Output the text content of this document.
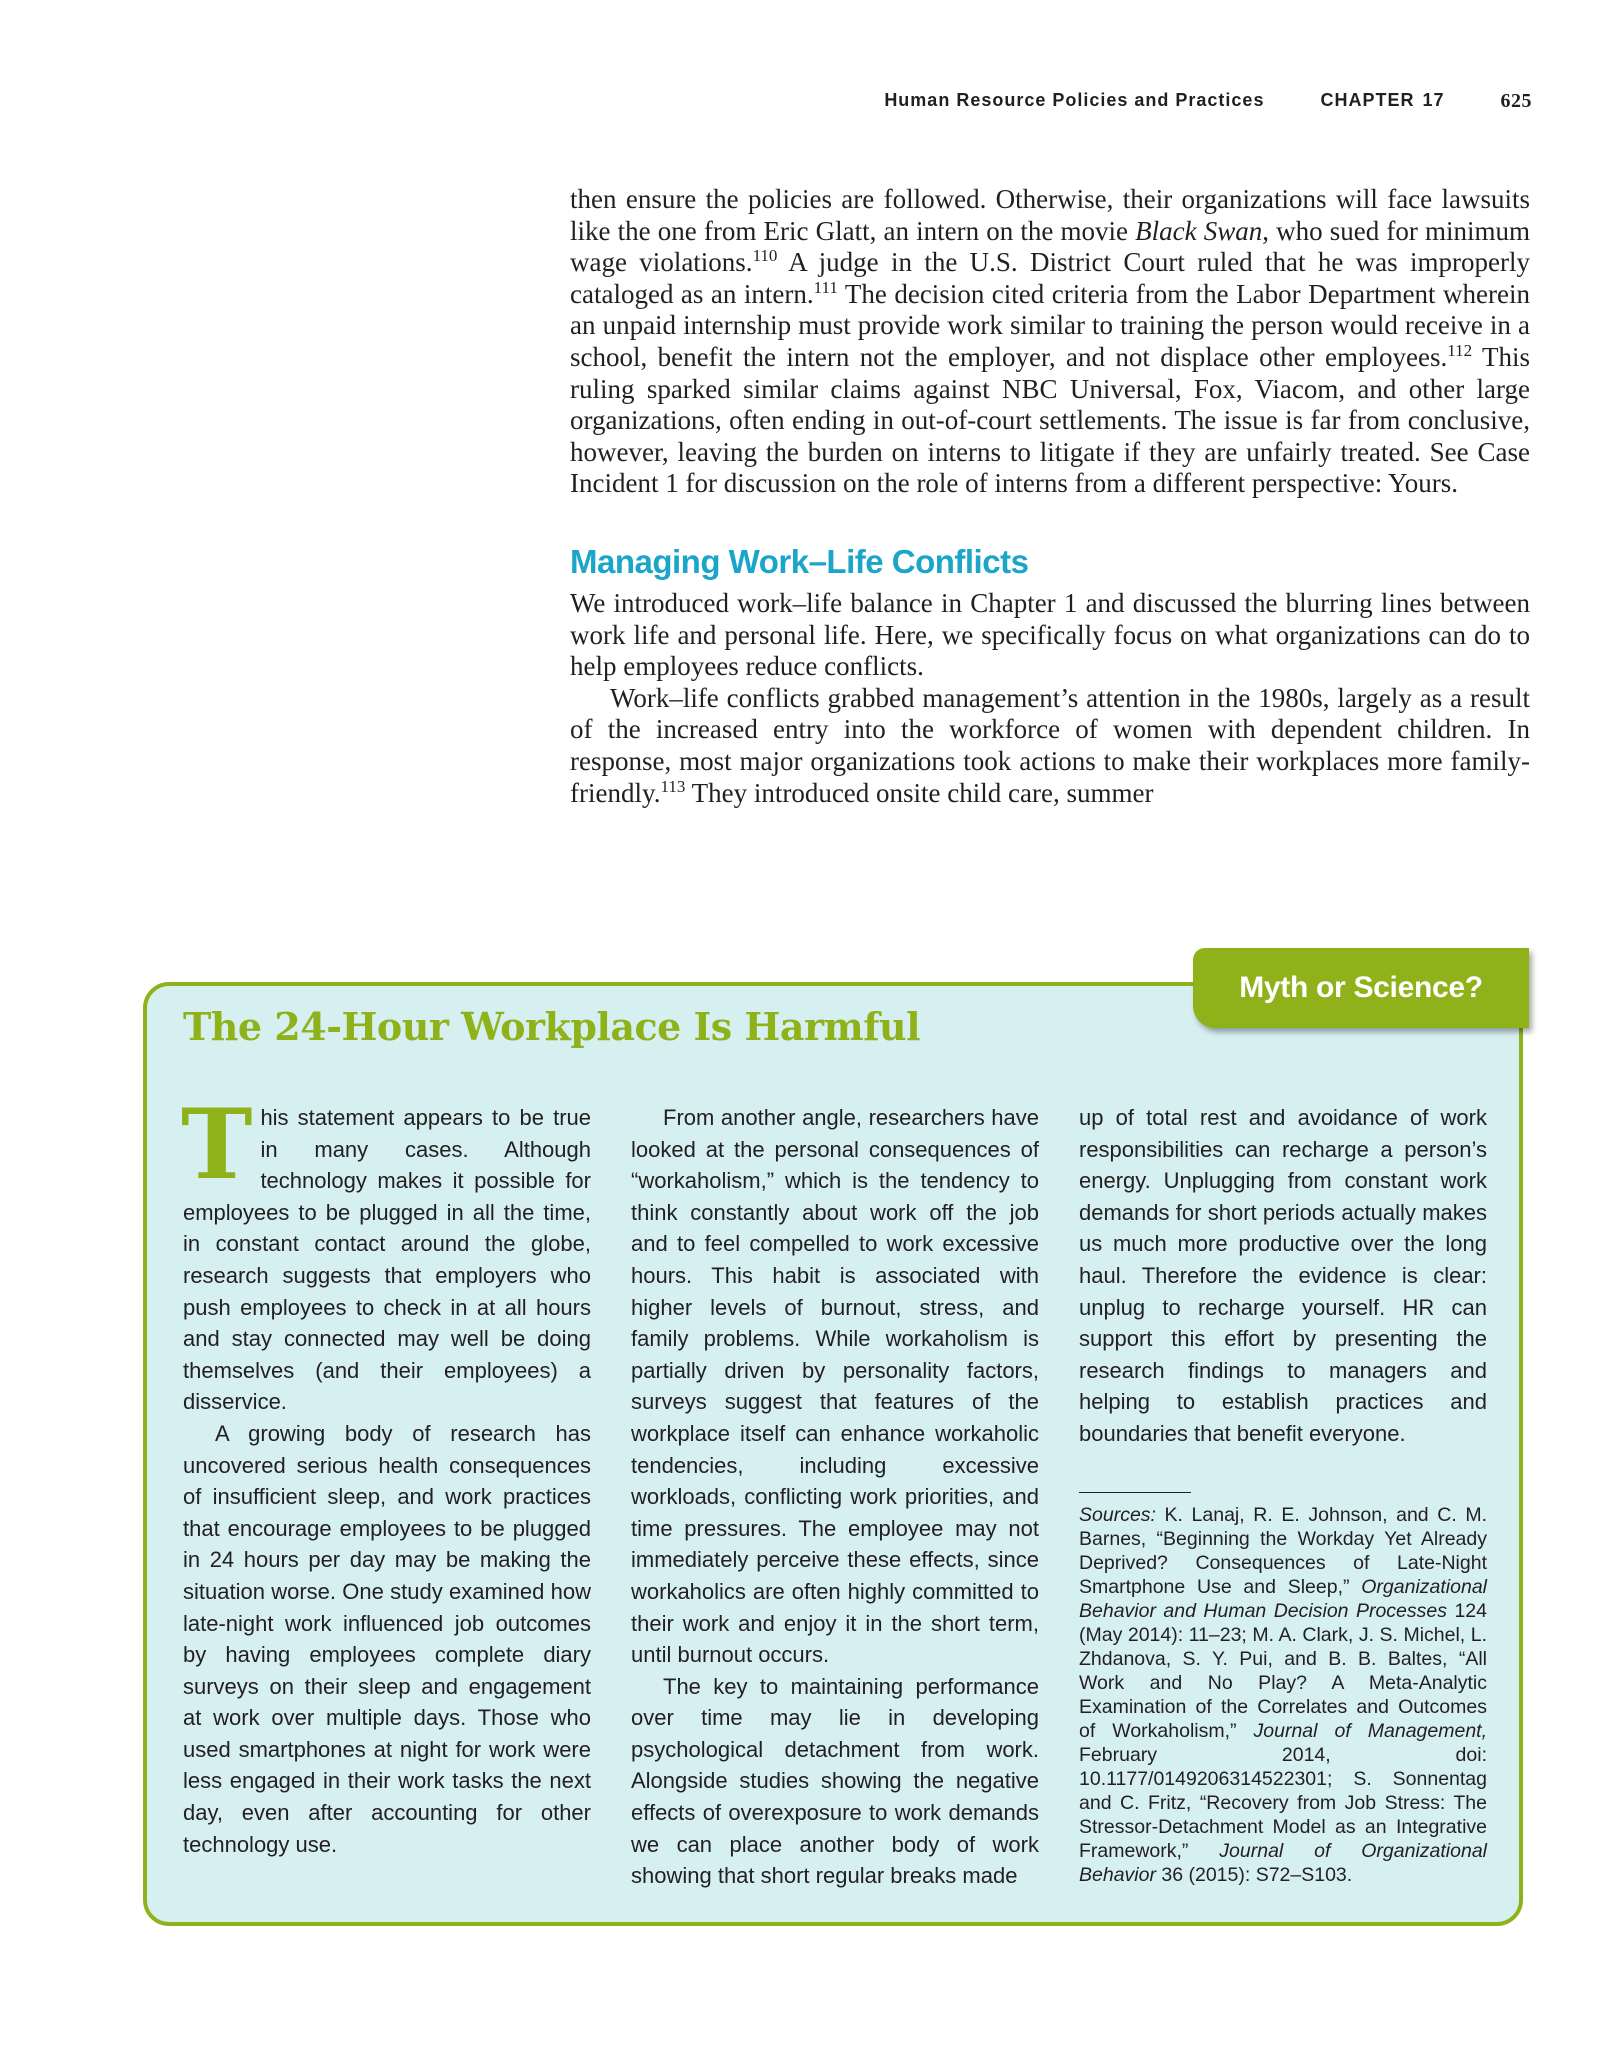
Human Resource Policies and Practices	CHAPTER 17	625

then ensure the policies are followed. Otherwise, their organizations will face lawsuits like the one from Eric Glatt, an intern on the movie Black Swan, who sued for minimum wage violations.$^{110}$ A judge in the U.S. District Court ruled that he was improperly cataloged as an intern.$^{111}$ The decision cited criteria from the Labor Department wherein an unpaid internship must provide work similar to training the person would receive in a school, benefit the intern not the employer, and not displace other employees.$^{112}$ This ruling sparked similar claims against NBC Universal, Fox, Viacom, and other large organizations, often ending in out-of-court settlements. The issue is far from conclusive, however, leaving the burden on interns to litigate if they are unfairly treated. See Case Incident 1 for discussion on the role of interns from a different perspective: Yours.

Managing Work–Life Conflicts

We introduced work–life balance in Chapter 1 and discussed the blurring lines between work life and personal life. Here, we specifically focus on what organizations can do to help employees reduce conflicts.

Work–life conflicts grabbed management’s attention in the 1980s, largely as a result of the increased entry into the workforce of women with dependent children. In response, most major organizations took actions to make their workplaces more family-friendly.$^{113}$ They introduced onsite child care, summer

Myth or Science?
The 24-Hour Workplace Is Harmful

This statement appears to be true in many cases. Although technology makes it possible for employees to be plugged in all the time, in constant contact around the globe, research suggests that employers who push employees to check in at all hours and stay connected may well be doing themselves (and their employees) a disservice.

A growing body of research has uncovered serious health consequences of insufficient sleep, and work practices that encourage employees to be plugged in 24 hours per day may be making the situation worse. One study examined how late-night work influenced job outcomes by having employees complete diary surveys on their sleep and engagement at work over multiple days. Those who used smartphones at night for work were less engaged in their work tasks the next day, even after accounting for other technology use.

From another angle, researchers have looked at the personal consequences of “workaholism,” which is the tendency to think constantly about work off the job and to feel compelled to work excessive hours. This habit is associated with higher levels of burnout, stress, and family problems. While workaholism is partially driven by personality factors, surveys suggest that features of the workplace itself can enhance workaholic tendencies, including excessive workloads, conflicting work priorities, and time pressures. The employee may not immediately perceive these effects, since workaholics are often highly committed to their work and enjoy it in the short term, until burnout occurs.

The key to maintaining performance over time may lie in developing psychological detachment from work. Alongside studies showing the negative effects of overexposure to work demands we can place another body of work showing that short regular breaks made

up of total rest and avoidance of work responsibilities can recharge a person’s energy. Unplugging from constant work demands for short periods actually makes us much more productive over the long haul. Therefore the evidence is clear: unplug to recharge yourself. HR can support this effort by presenting the research findings to managers and helping to establish practices and boundaries that benefit everyone.

Sources: K. Lanaj, R. E. Johnson, and C. M. Barnes, “Beginning the Workday Yet Already Deprived? Consequences of Late-Night Smartphone Use and Sleep,” Organizational Behavior and Human Decision Processes 124 (May 2014): 11–23; M. A. Clark, J. S. Michel, L. Zhdanova, S. Y. Pui, and B. B. Baltes, “All Work and No Play? A Meta-Analytic Examination of the Correlates and Outcomes of Workaholism,” Journal of Management, February 2014, doi: 10.1177/0149206314522301; S. Sonnentag and C. Fritz, “Recovery from Job Stress: The Stressor-Detachment Model as an Integrative Framework,” Journal of Organizational Behavior 36 (2015): S72–S103.
